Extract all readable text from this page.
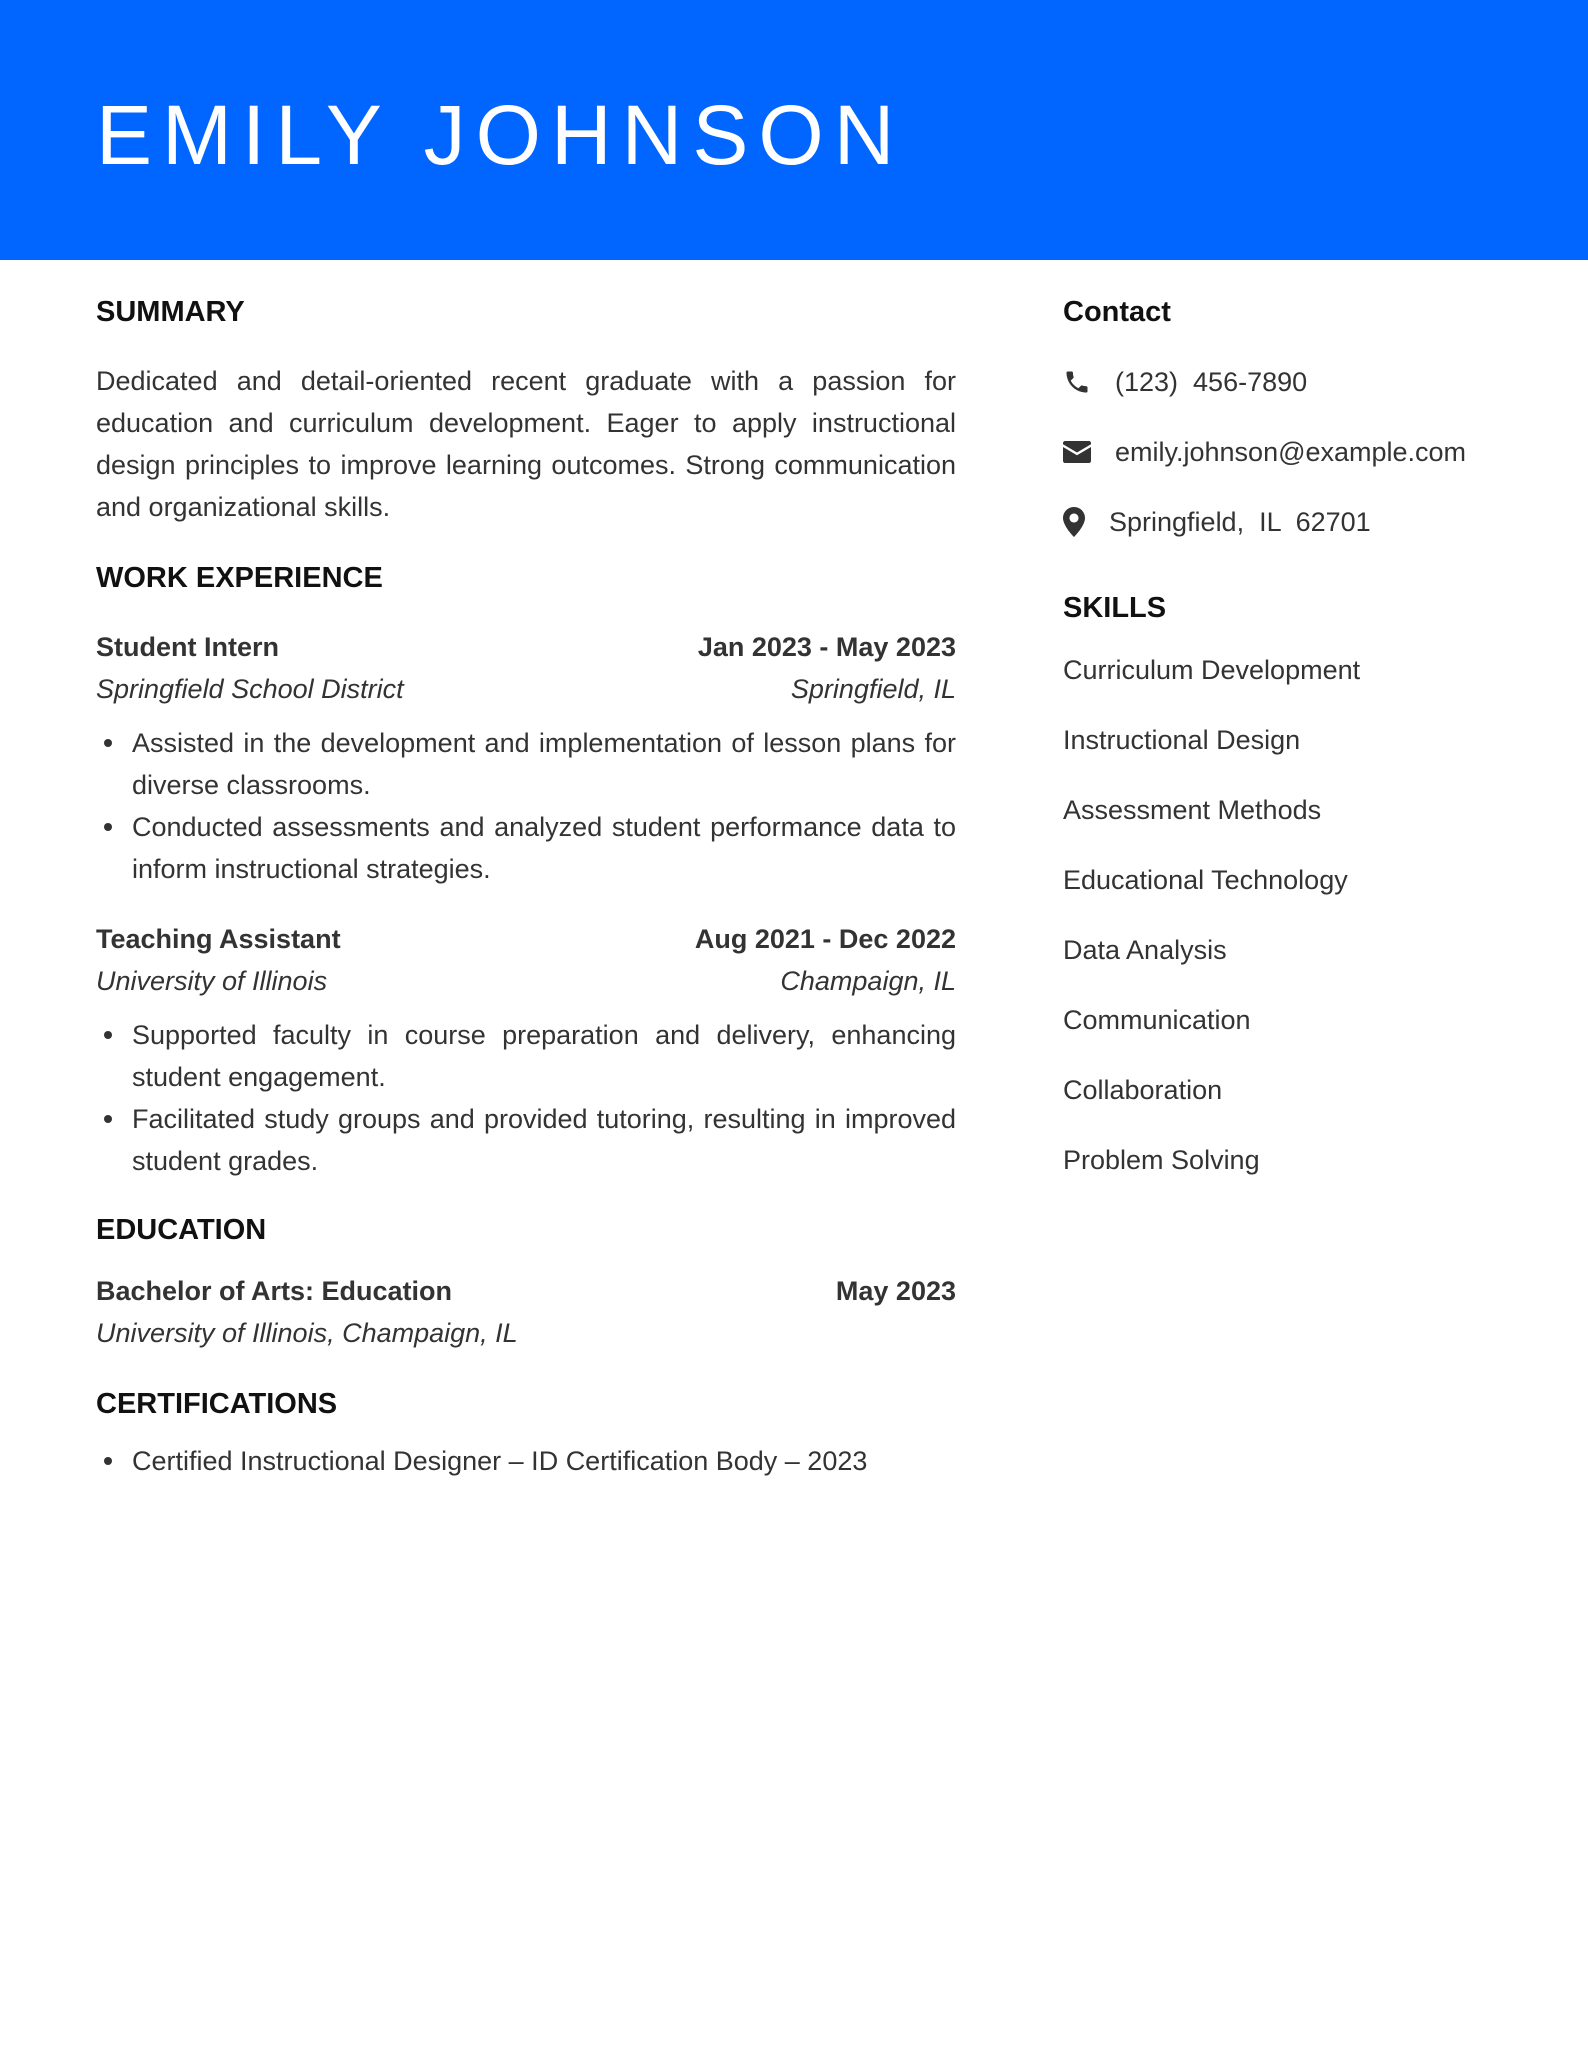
EMILY JOHNSON
SUMMARY

Dedicated and detail-oriented recent graduate with a passion for education and curriculum development. Eager to apply instructional design principles to improve learning outcomes. Strong communication and organizational skills.

WORK EXPERIENCE
Student Intern	Jan 2023 - May 2023
Springfield School District	Springfield, IL
Assisted in the development and implementation of lesson plans for diverse classrooms.
Conducted assessments and analyzed student performance data to inform instructional strategies.
Teaching Assistant	Aug 2021 - Dec 2022
University of Illinois	Champaign, IL
Supported faculty in course preparation and delivery, enhancing student engagement.
Facilitated study groups and provided tutoring, resulting in improved student grades.
EDUCATION
Bachelor of Arts: Education	May 2023
University of Illinois, Champaign, IL
CERTIFICATIONS
Certified Instructional Designer – ID Certification Body – 2023
Contact
(123)  456-7890
emily.johnson@example.com
Springfield,  IL  62701
SKILLS
Curriculum Development
Instructional Design
Assessment Methods
Educational Technology
Data Analysis
Communication
Collaboration
Problem Solving
